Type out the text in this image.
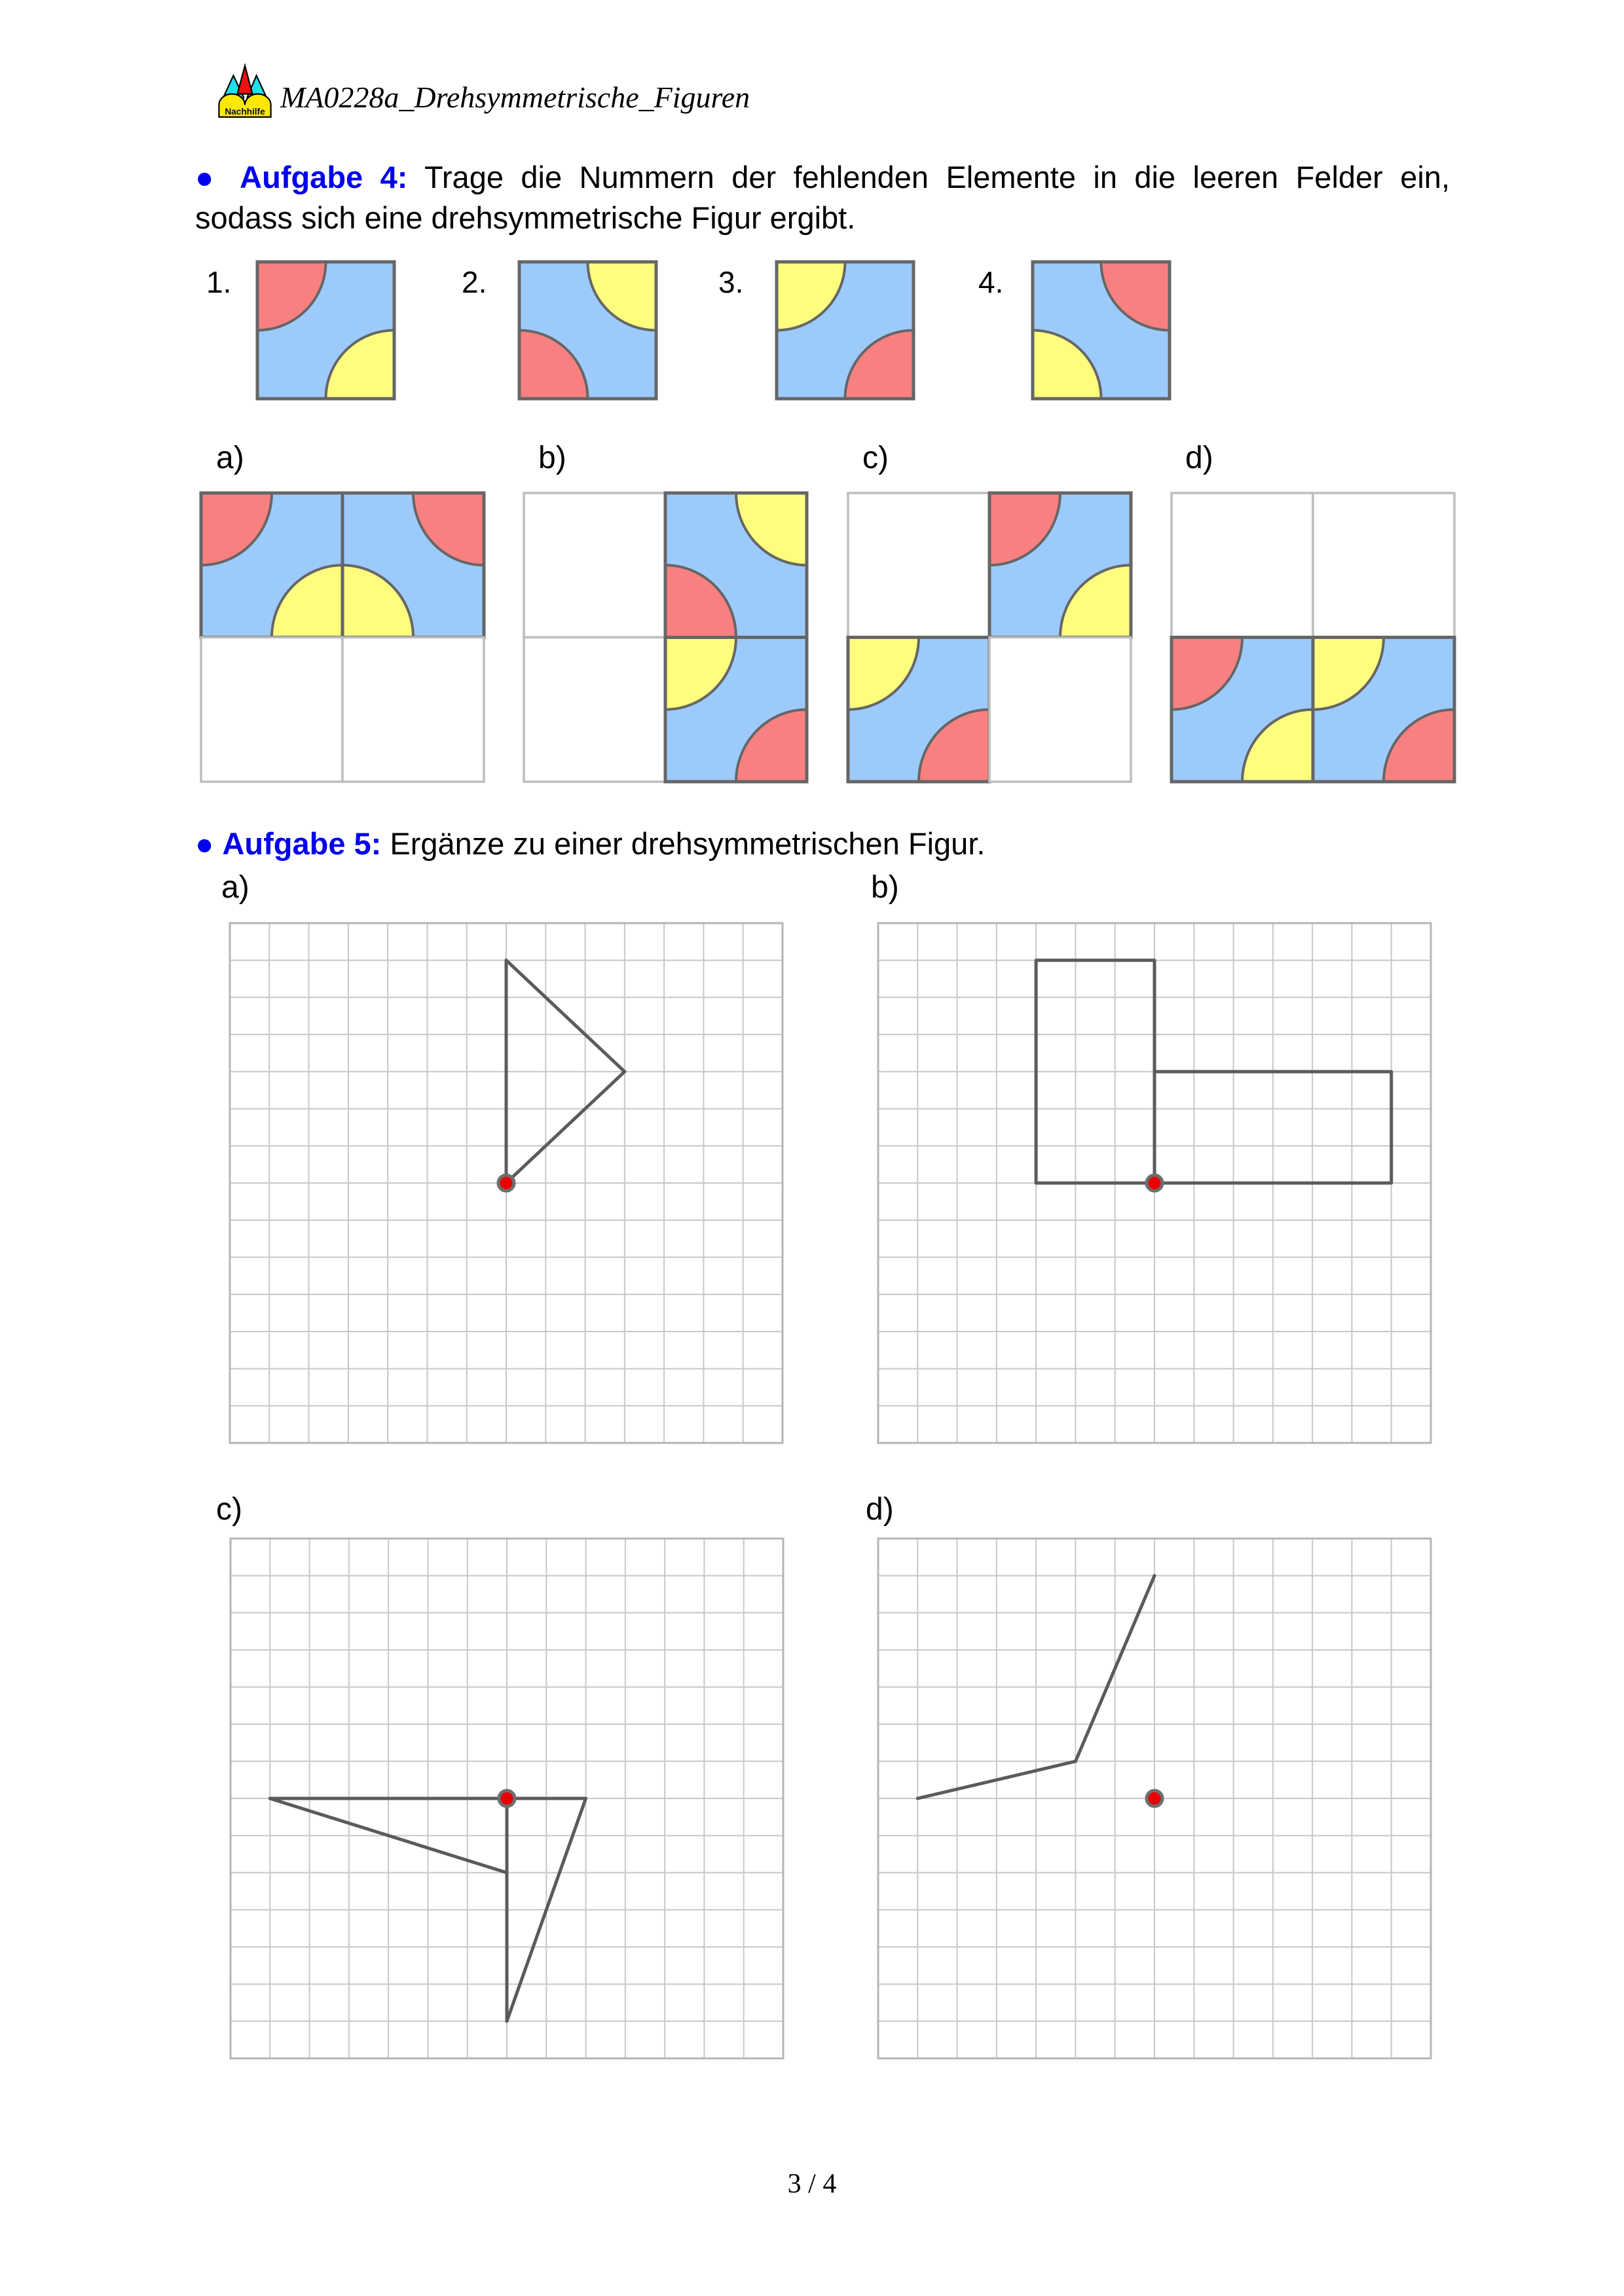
Nachhilfe MA0228a_Drehsymmetrische_Figuren
● Aufgabe 4: Trage die Nummern der fehlenden Elemente in die leeren Felder ein,
sodass sich eine drehsymmetrische Figur ergibt.
1.	2.	3.	4.
a)	b)	c)	d)
● Aufgabe 5: Ergänze zu einer drehsymmetrischen Figur.
a)	b)
c)	d)
3 / 4
